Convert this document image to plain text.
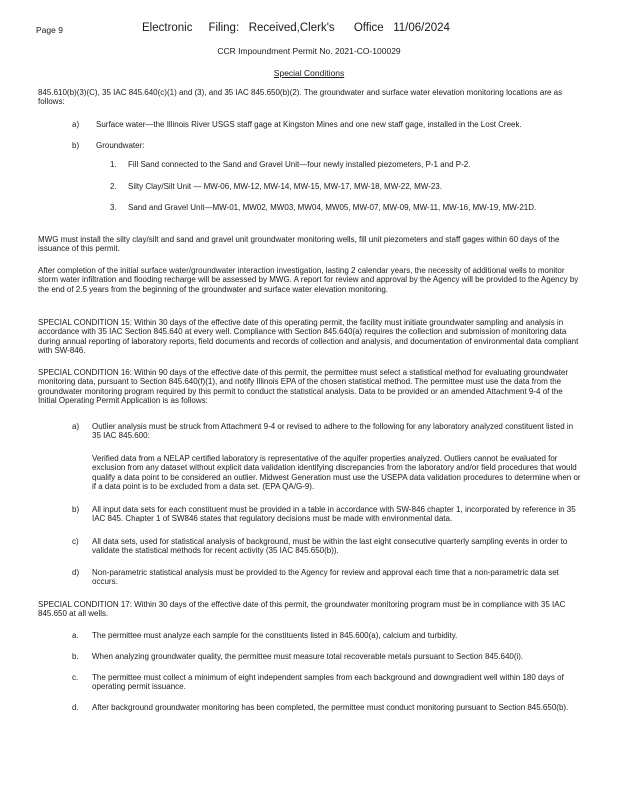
Page 9	Electronic     Filing:   Received,Clerk's      Office   11/06/2024
CCR Impoundment Permit No. 2021-CO-100029
Special Conditions
845.610(b)(3)(C), 35 IAC 845.640(c)(1) and (3), and 35 IAC 845.650(b)(2). The groundwater and surface water elevation monitoring locations are as follows:
a) Surface water—the Illinois River USGS staff gage at Kingston Mines and one new staff gage, installed in the Lost Creek.
b) Groundwater:
1. Fill Sand connected to the Sand and Gravel Unit—four newly installed piezometers, P-1 and P-2.
2. Silty Clay/Silt Unit — MW-06, MW-12, MW-14, MW-15, MW-17, MW-18, MW-22, MW-23.
3. Sand and Gravel Unit—MW-01, MW02, MW03, MW04, MW05, MW-07, MW-09, MW-11, MW-16, MW-19, MW-21D.
MWG must install the silty clay/silt and sand and gravel unit groundwater monitoring wells, fill unit piezometers and staff gages within 60 days of the issuance of this permit.
After completion of the initial surface water/groundwater interaction investigation, lasting 2 calendar years, the necessity of additional wells to monitor storm water infiltration and flooding recharge will be assessed by MWG. A report for review and approval by the Agency will be provided to the Agency by the end of 2.5 years from the beginning of the groundwater and surface water elevation monitoring.
SPECIAL CONDITION 15: Within 30 days of the effective date of this operating permit, the facility must initiate groundwater sampling and analysis in accordance with 35 IAC Section 845.640 at every well. Compliance with Section 845.640(a) requires the collection and submission of monitoring data during annual reporting of laboratory reports, field documents and records of collection and analysis, and documentation of environmental data compliant with SW-846.
SPECIAL CONDITION 16: Within 90 days of the effective date of this permit, the permittee must select a statistical method for evaluating groundwater monitoring data, pursuant to Section 845.640(f)(1), and notify Illinois EPA of the chosen statistical method. The permittee must use the data from the groundwater monitoring program required by this permit to conduct the statistical analysis. Data to be provided or an amended Attachment 9-4 of the Initial Operating Permit Application is as follows:
a) Outlier analysis must be struck from Attachment 9-4 or revised to adhere to the following for any laboratory analyzed constituent listed in 35 IAC 845.600:
Verified data from a NELAP certified laboratory is representative of the aquifer properties analyzed. Outliers cannot be evaluated for exclusion from any dataset without explicit data validation identifying discrepancies from the laboratory and/or field procedures that would qualify a data point to be considered an outlier. Midwest Generation must use the USEPA data validation procedures to determine when or if a data point is to be excluded from a data set. (EPA QA/G-9).
b) All input data sets for each constituent must be provided in a table in accordance with SW-846 chapter 1, incorporated by reference in 35 IAC 845. Chapter 1 of SW846 states that regulatory decisions must be made with environmental data.
c) All data sets, used for statistical analysis of background, must be within the last eight consecutive quarterly sampling events in order to validate the statistical methods for recent activity (35 IAC 845.650(b)).
d) Non-parametric statistical analysis must be provided to the Agency for review and approval each time that a non-parametric data set occurs.
SPECIAL CONDITION 17: Within 30 days of the effective date of this permit, the groundwater monitoring program must be in compliance with 35 IAC 845.650 at all wells.
a. The permittee must analyze each sample for the constituents listed in 845.600(a), calcium and turbidity.
b. When analyzing groundwater quality, the permittee must measure total recoverable metals pursuant to Section 845.640(i).
c. The permittee must collect a minimum of eight independent samples from each background and downgradient well within 180 days of operating permit issuance.
d. After background groundwater monitoring has been completed, the permittee must conduct monitoring pursuant to Section 845.650(b).
